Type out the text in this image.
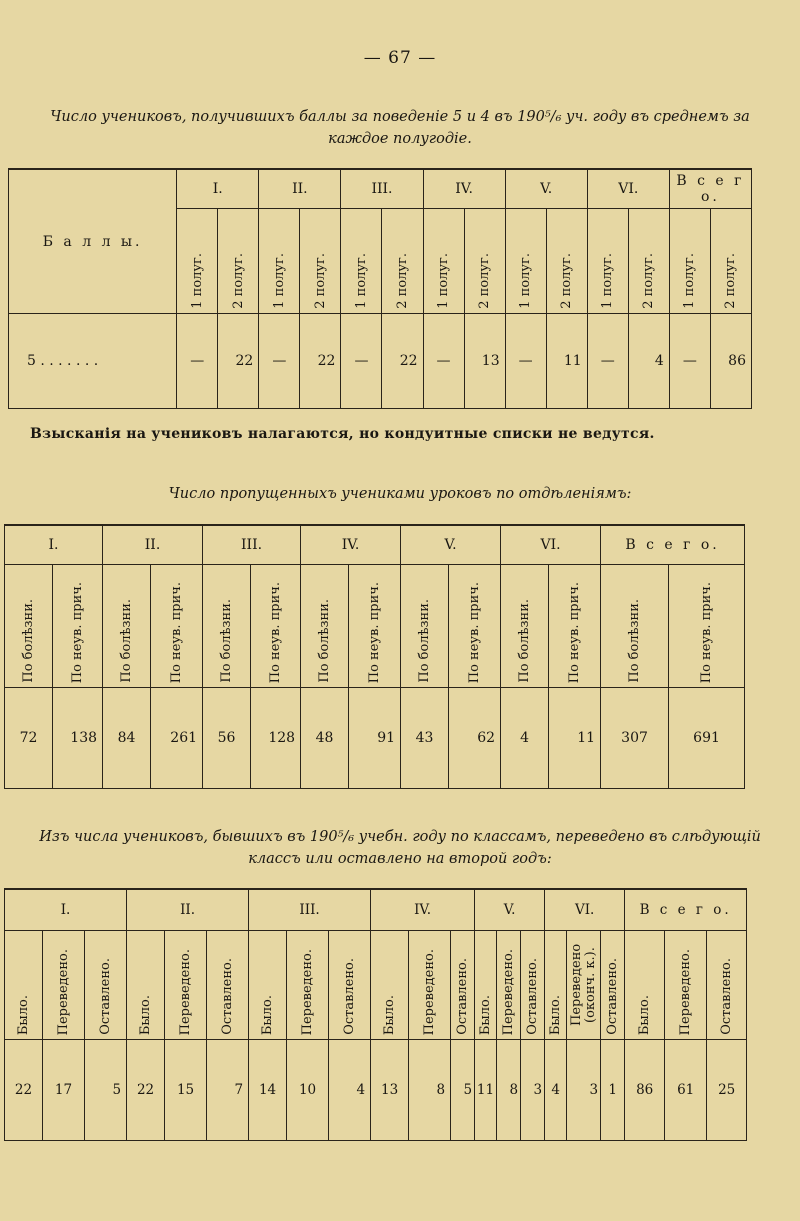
— 67 —
Число учениковъ, получившихъ баллы за поведеніе 5 и 4 въ 190⁵/₆ уч. году въ среднемъ за каждое полугодіе.
Б а л л ы.	I.		II.		III.		IV.		V.		VI.		В с е г о.	
	1 полуг.	2 полуг.	1 полуг.	2 полуг.	1 полуг.	2 полуг.	1 полуг.	2 полуг.	1 полуг.	2 полуг.	1 полуг.	2 полуг.	1 полуг.	2 полуг.
5 . . . . . . .	—	22	—	22	—	22	—	13	—	11	—	4	—	86
Взысканія на учениковъ налагаются, но кондуитные списки не ведутся.
Число пропущенныхъ учениками уроковъ по отдѣленіямъ:
I.		II.		III.		IV.		V.		VI.		В с е г о.	
По болѣзни.	По неув. прич.	По болѣзни.	По неув. прич.	По болѣзни.	По неув. прич.	По болѣзни.	По неув. прич.	По болѣзни.	По неув. прич.	По болѣзни.	По неув. прич.	По болѣзни.	Пo неув. прич.
72	138	84	261	56	128	48	91	43	62	4	11	307	691
Изъ числа учениковъ, бывшихъ въ 190⁵/₆ учебн. году по классамъ, переведено въ слѣдующій классъ или оставлено на второй годъ:
I.			II.			III.			IV.			V.			VI.			В с е г о.		
Было.	Переведено.	Оставлено.	Было.	Переведено.	Оставлено.	Было.	Переведено.	Оставлено.	Было.	Переведено.	Оставлено.	Было.	Переведено.	Оставлено.	Было.	Переведено (оконч. к.).	Оставлено.	Было.	Переведено.	Оставлено.
22	17	5	22	15	7	14	10	4	13	8	5	11	8	3	4	3	1	86	61	25
